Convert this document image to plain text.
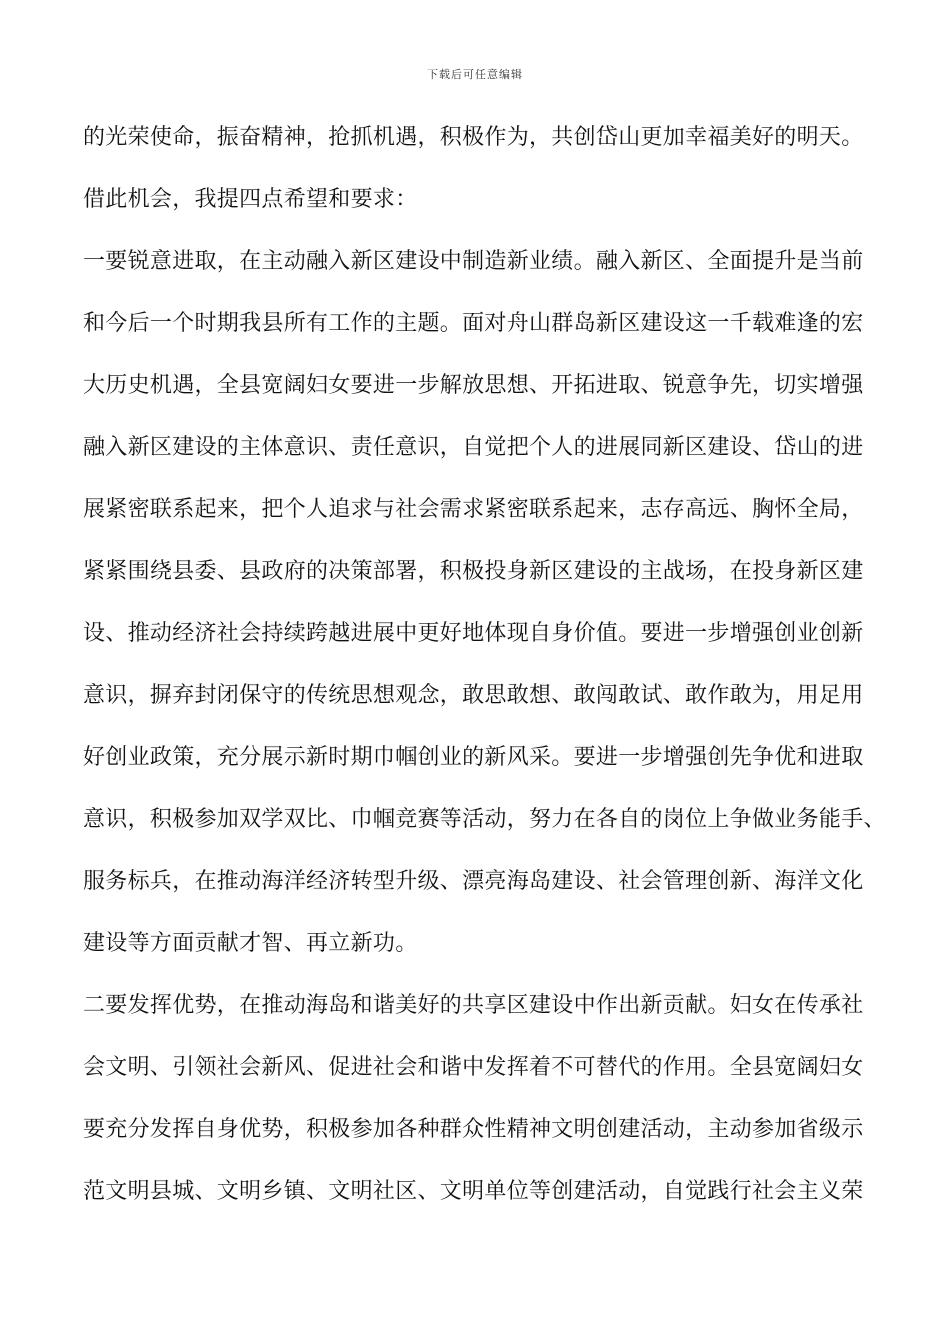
下载后可任意编辑
的光荣使命，振奋精神，抢抓机遇，积极作为，共创岱山更加幸福美好的明天。
借此机会，我提四点希望和要求：
一要锐意进取，在主动融入新区建设中制造新业绩。融入新区、全面提升是当前
和今后一个时期我县所有工作的主题。面对舟山群岛新区建设这一千载难逢的宏
大历史机遇，全县宽阔妇女要进一步解放思想、开拓进取、锐意争先，切实增强
融入新区建设的主体意识、责任意识，自觉把个人的进展同新区建设、岱山的进
展紧密联系起来，把个人追求与社会需求紧密联系起来，志存高远、胸怀全局，
紧紧围绕县委、县政府的决策部署，积极投身新区建设的主战场，在投身新区建
设、推动经济社会持续跨越进展中更好地体现自身价值。要进一步增强创业创新
意识，摒弃封闭保守的传统思想观念，敢思敢想、敢闯敢试、敢作敢为，用足用
好创业政策，充分展示新时期巾帼创业的新风采。要进一步增强创先争优和进取
意识，积极参加双学双比、巾帼竞赛等活动，努力在各自的岗位上争做业务能手、
服务标兵，在推动海洋经济转型升级、漂亮海岛建设、社会管理创新、海洋文化
建设等方面贡献才智、再立新功。
二要发挥优势，在推动海岛和谐美好的共享区建设中作出新贡献。妇女在传承社
会文明、引领社会新风、促进社会和谐中发挥着不可替代的作用。全县宽阔妇女
要充分发挥自身优势，积极参加各种群众性精神文明创建活动，主动参加省级示
范文明县城、文明乡镇、文明社区、文明单位等创建活动，自觉践行社会主义荣
